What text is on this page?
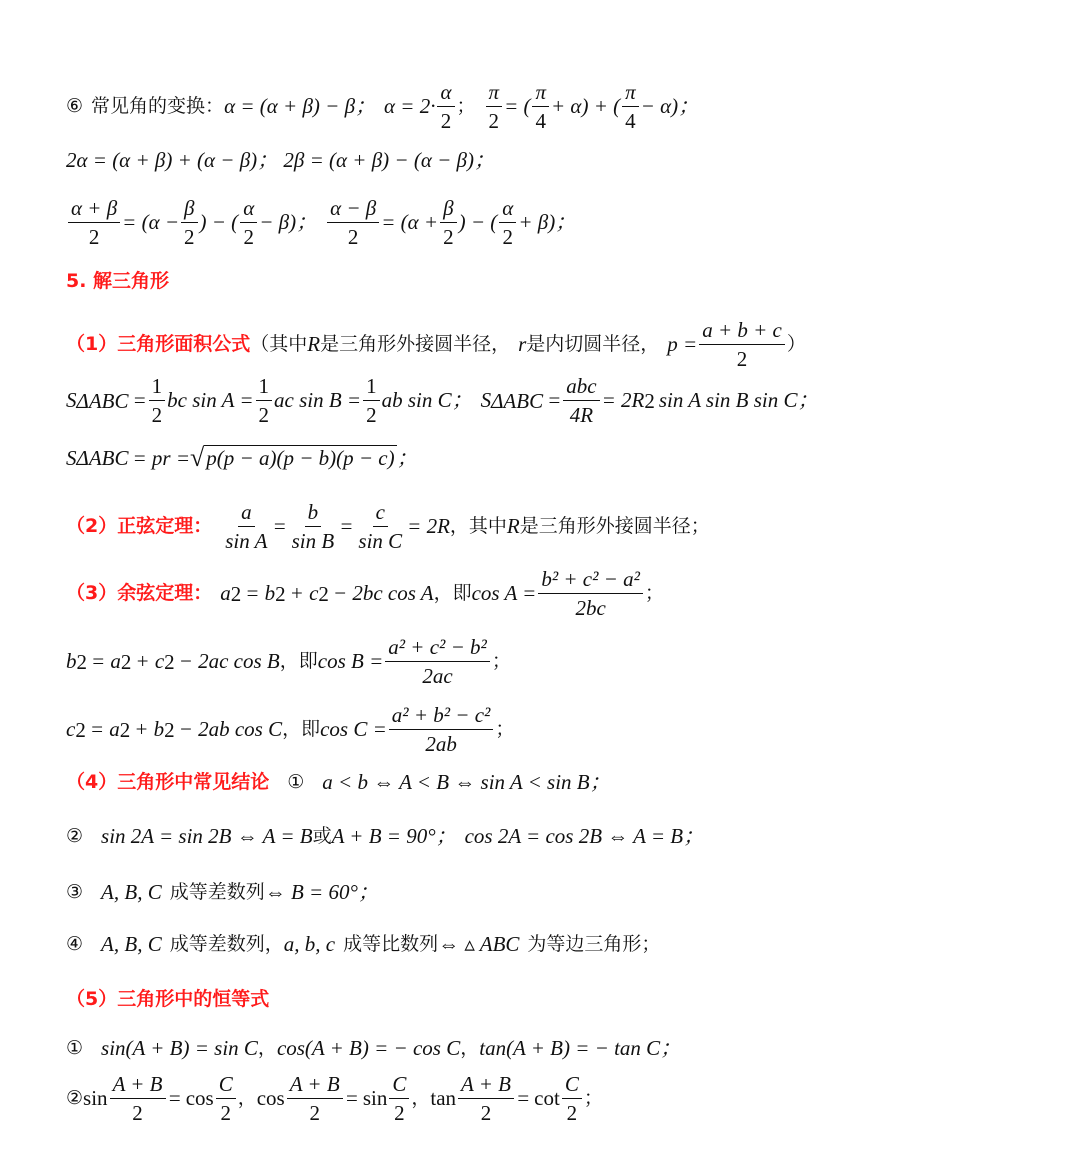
⑥ 常见角的变换： α = (α + β) − β； $\alpha = 2\cdot \frac{\alpha}{2}$ ； $\frac{\pi}{2}$ = ( $\frac{\pi}{4} + \alpha$) + ( $\frac{\pi}{4} - \alpha$)；
2α = (α + β) + (α − β)； 2β = (α + β) − (α − β)；
$\frac{\alpha + \beta}{2} = (\alpha - \frac{\beta}{2}$ ) − ( $\frac{\alpha}{2} - \beta$)； $\frac{\alpha - \beta}{2} = (\alpha + \frac{\beta}{2}$ ) − ( $\frac{\alpha}{2} + \beta$)；
5. 解三角形
（1）三角形面积公式 （其中 R 是三角形外接圆半径， r 是内切圆半径， $p = \frac{a + b + c}{2}$ ）
S $\Delta ABC = \frac{1}{2}$ bc $\sin A = \frac{1}{2}$ ac $\sin B = \frac{1}{2}$ ab sin C； S $\Delta ABC = \frac{\text{abc}}{4R} = 2R$ 2 sin A sin B sin C；
S ΔABC = pr = √ p(p − a)(p − b)(p − c) ；
（2）正弦定理： $\frac{a}{\text{sin A}} = \frac{b}{\text{sin B}} = \frac{c}{\text{sin C}} = 2R$ ，其中 R 是三角形外接圆半径；
（3）余弦定理： a 2 = b 2 + c 2 − 2bc cos A ，即 $\cos A = \frac{\text{b² + c² − a²}}{2bc}$ ；
b 2 = a 2 + c 2 − 2ac cos B ，即 $\cos B = \frac{\text{a² + c² − b²}}{2ac}$ ；
c 2 = a 2 + b 2 − 2ab cos C ，即 $\cos C = \frac{\text{a² + b² − c²}}{2ab}$ ；
（4）三角形中常见结论 ① a < b ⇔ A < B ⇔ sin A < sin B；
② sin 2A = sin 2B ⇔ A = B 或 A + B = 90°； cos 2A = cos 2B ⇔ A = B；
③ A, B, C 成等差数列 ⇔ B = 60°；
④ A, B, C 成等差数列， a, b, c 成等比数列 ⇔ ▵ ABC 为等边三角形；
（5）三角形中的恒等式
① sin(A + B) = sin C ， cos(A + B) = − cos C ， tan(A + B) = − tan C；
② $\sin \frac{A + B}{2} = \cos \frac{C}{2}$ ， $\cos \frac{A + B}{2} = \sin \frac{C}{2}$ ， $\tan \frac{A + B}{2} = \cot \frac{C}{2}$ ；
